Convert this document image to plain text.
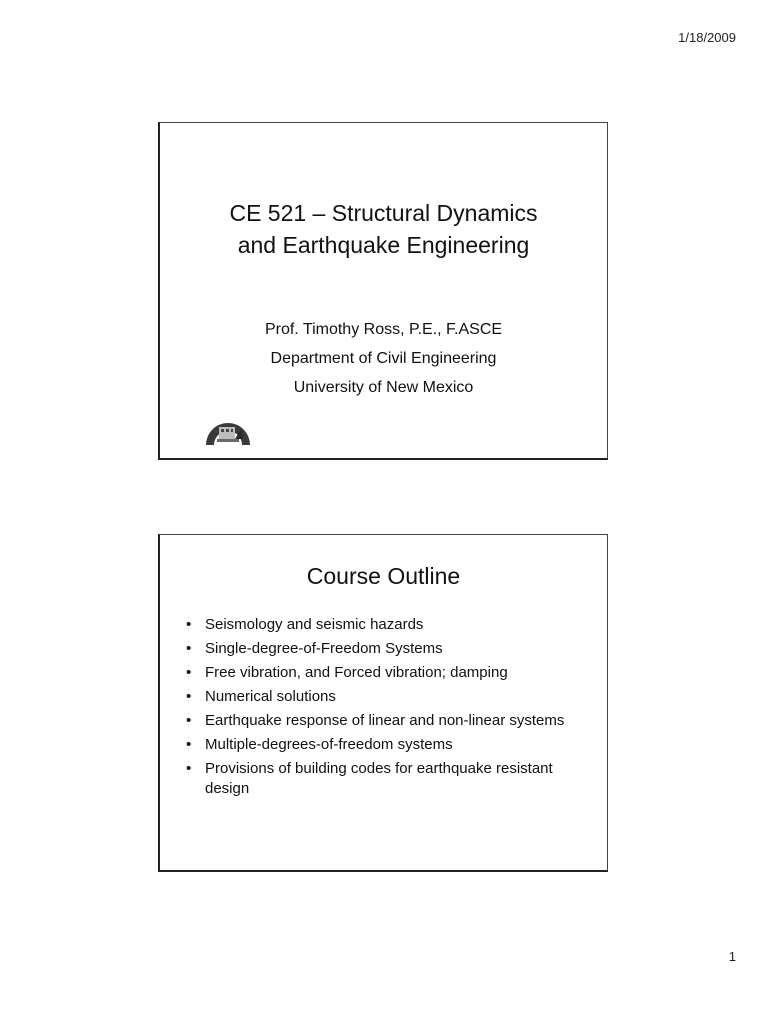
1/18/2009
CE 521 – Structural Dynamics
and Earthquake Engineering
Prof. Timothy Ross, P.E., F.ASCE
Department of Civil Engineering
University of New Mexico
Course Outline
• Seismology and seismic hazards
• Single-degree-of-Freedom Systems
• Free vibration, and Forced vibration; damping
• Numerical solutions
• Earthquake response of linear and non-linear systems
• Multiple-degrees-of-freedom systems
• Provisions of building codes for earthquake resistant design
1
